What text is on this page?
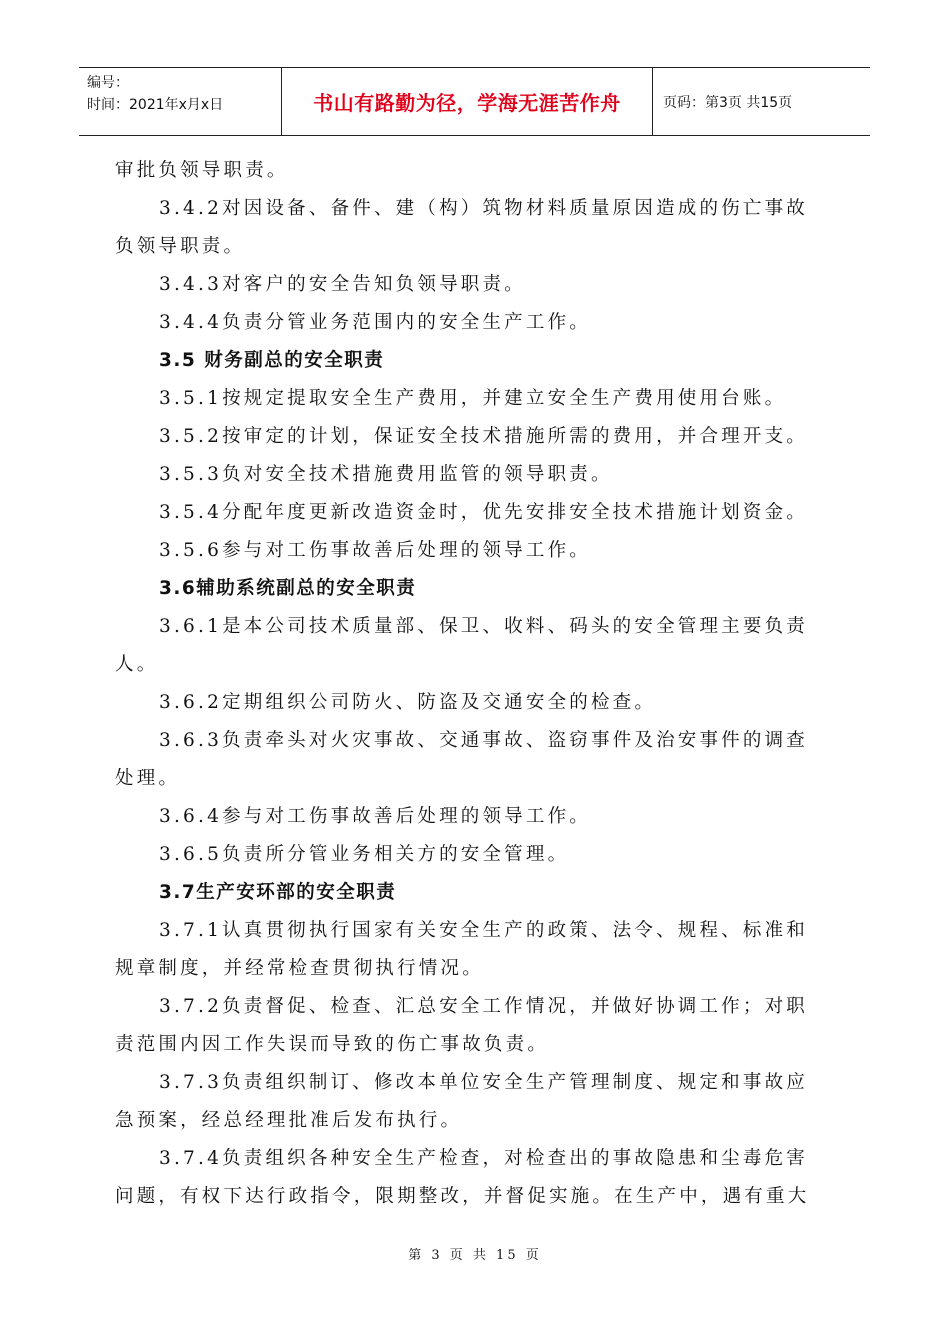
编号：
时间：2021年x月x日	书山有路勤为径，学海无涯苦作舟	页码：第3页 共15页
审批负领导职责。
3.4.2对因设备、备件、建（构）筑物材料质量原因造成的伤亡事故
负领导职责。
3.4.3对客户的安全告知负领导职责。
3.4.4负责分管业务范围内的安全生产工作。
3.5 财务副总的安全职责
3.5.1按规定提取安全生产费用，并建立安全生产费用使用台账。
3.5.2按审定的计划，保证安全技术措施所需的费用，并合理开支。
3.5.3负对安全技术措施费用监管的领导职责。
3.5.4分配年度更新改造资金时，优先安排安全技术措施计划资金。
3.5.6参与对工伤事故善后处理的领导工作。
3.6辅助系统副总的安全职责
3.6.1是本公司技术质量部、保卫、收料、码头的安全管理主要负责
人。
3.6.2定期组织公司防火、防盗及交通安全的检查。
3.6.3负责牵头对火灾事故、交通事故、盗窃事件及治安事件的调查
处理。
3.6.4参与对工伤事故善后处理的领导工作。
3.6.5负责所分管业务相关方的安全管理。
3.7生产安环部的安全职责
3.7.1认真贯彻执行国家有关安全生产的政策、法令、规程、标准和
规章制度，并经常检查贯彻执行情况。
3.7.2负责督促、检查、汇总安全工作情况，并做好协调工作；对职
责范围内因工作失误而导致的伤亡事故负责。
3.7.3负责组织制订、修改本单位安全生产管理制度、规定和事故应
急预案，经总经理批准后发布执行。
3.7.4负责组织各种安全生产检查，对检查出的事故隐患和尘毒危害
问题，有权下达行政指令，限期整改，并督促实施。在生产中，遇有重大
第 3 页 共 15 页
